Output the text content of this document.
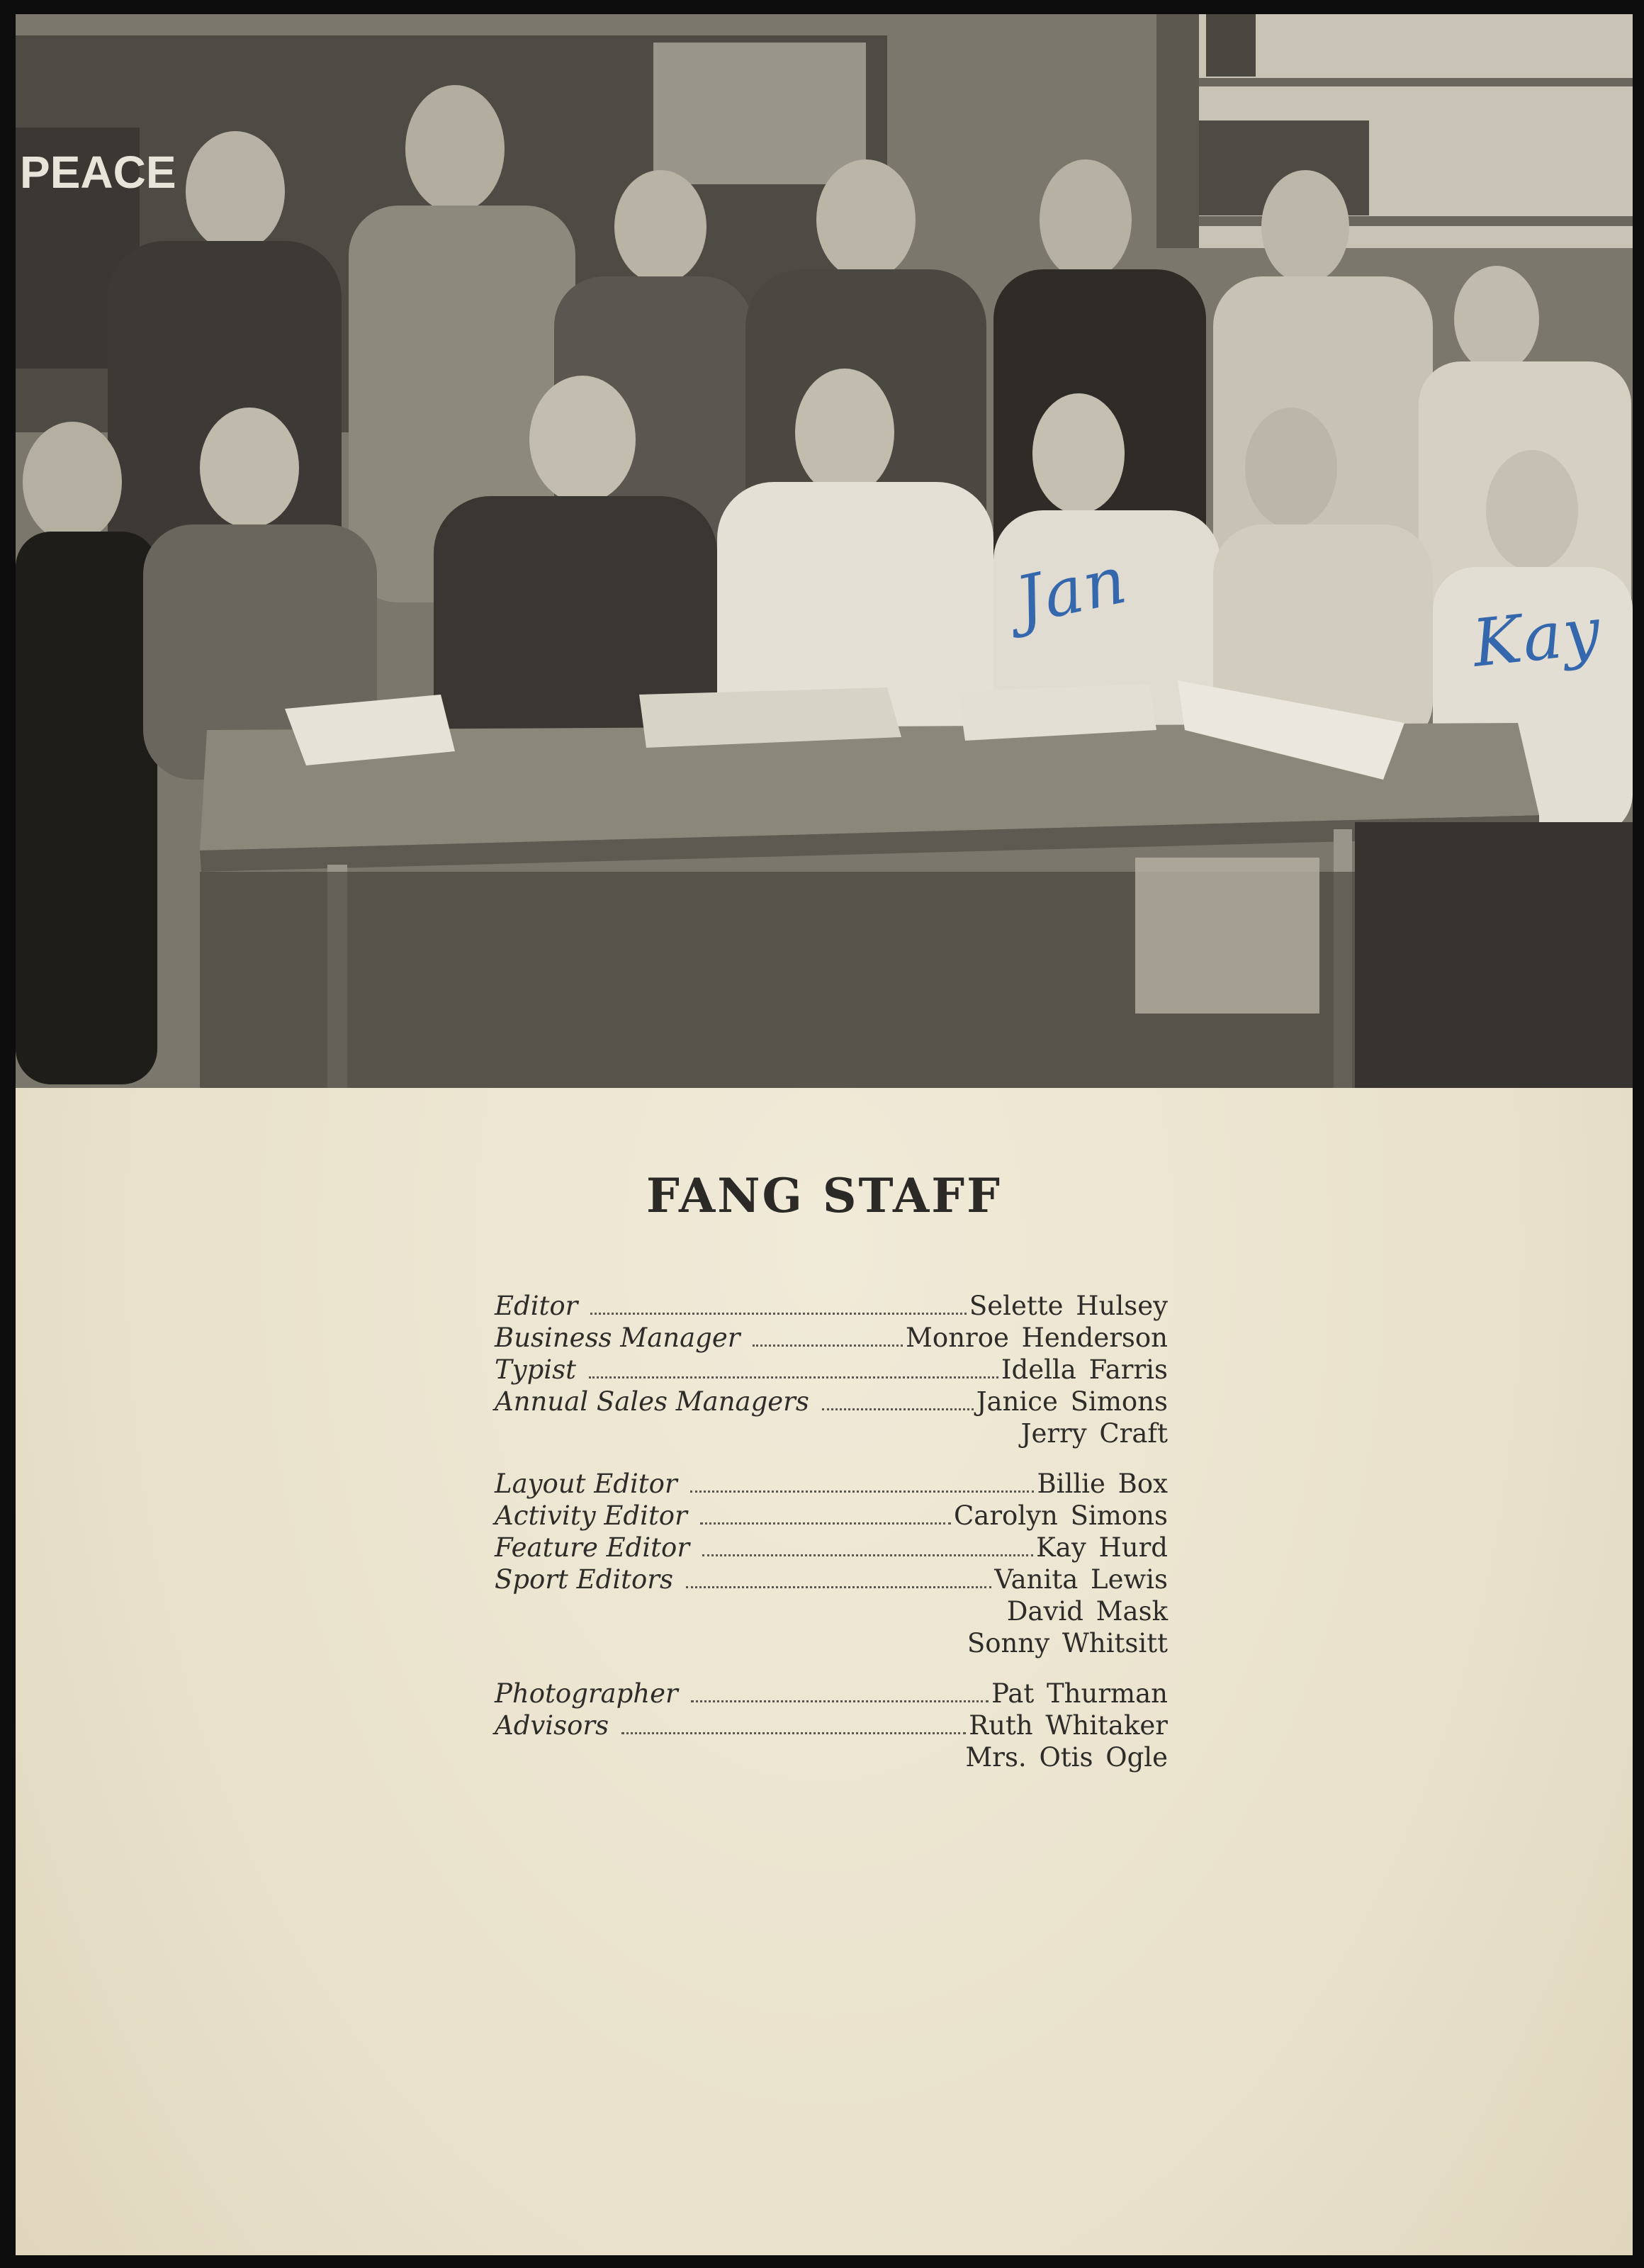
PEACE
Jan	Kay
FANG STAFF
Editor	Selette Hulsey
Business Manager	Monroe Henderson
Typist	Idella Farris
Annual Sales Managers	Janice Simons
Jerry Craft
Layout Editor	Billie Box
Activity Editor	Carolyn Simons
Feature Editor	Kay Hurd
Sport Editors	Vanita Lewis
David Mask
Sonny Whitsitt
Photographer	Pat Thurman
Advisors	Ruth Whitaker
Mrs. Otis Ogle
